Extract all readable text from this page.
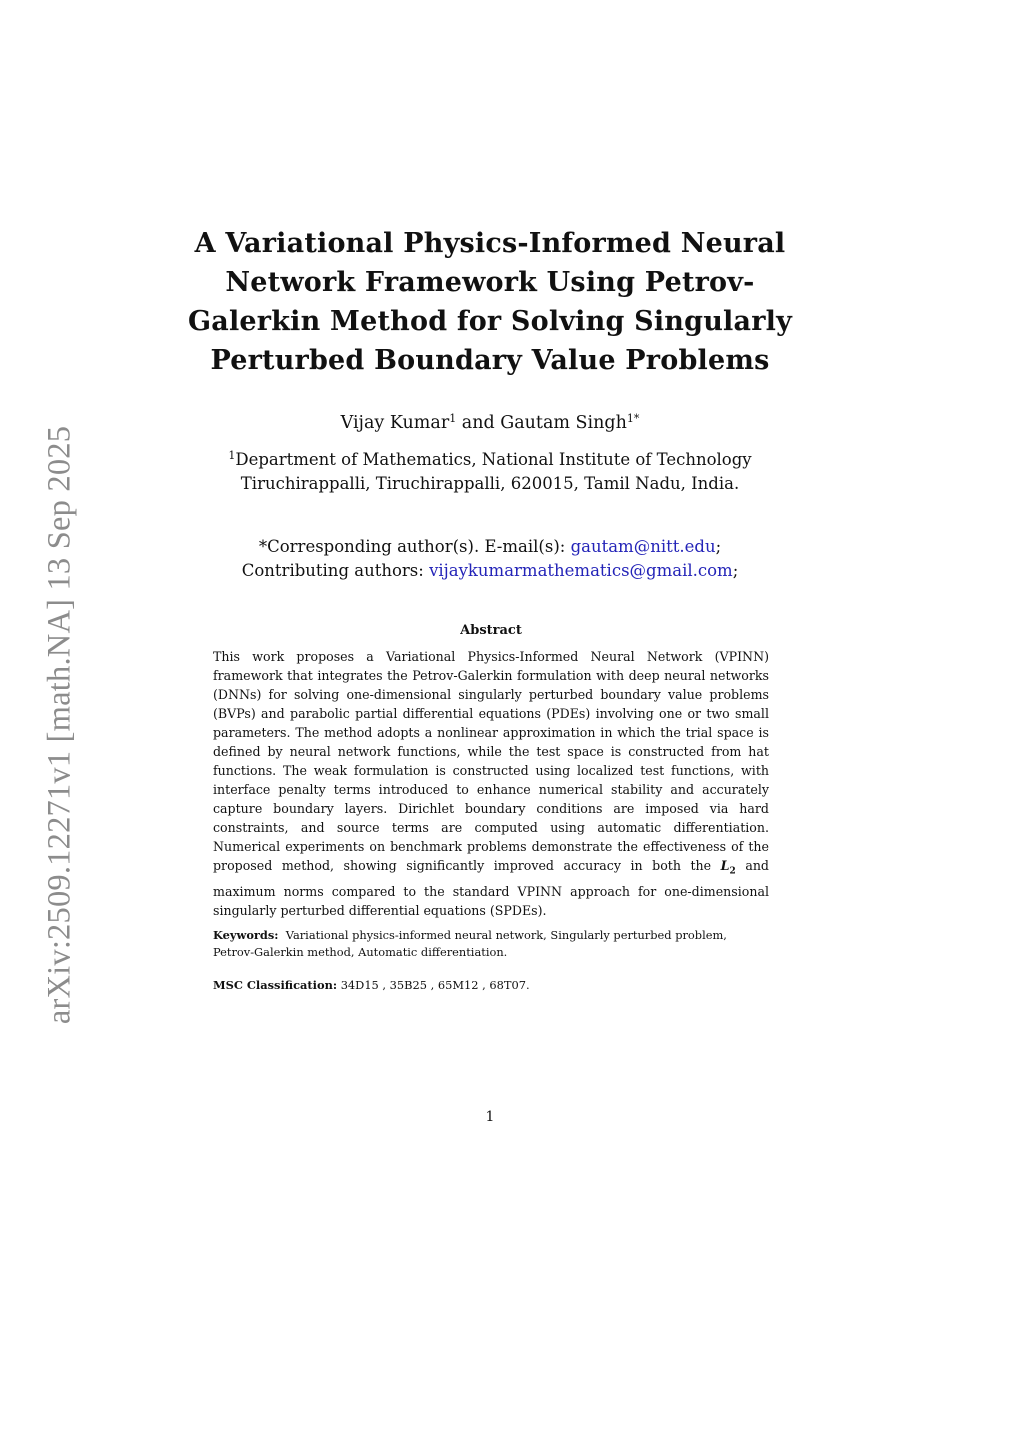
arXiv:2509.12271v1 [math.NA] 13 Sep 2025
A Variational Physics-Informed Neural
Network Framework Using Petrov-
Galerkin Method for Solving Singularly
Perturbed Boundary Value Problems

Vijay Kumar$^1$ and Gautam Singh$^{1*}$

$^1$Department of Mathematics, National Institute of Technology
Tiruchirappalli, Tiruchirappalli, 620015, Tamil Nadu, India.
*Corresponding author(s). E-mail(s): gautam@nitt.edu;
Contributing authors: vijaykumarmathematics@gmail.com;
Abstract

This work proposes a Variational Physics-Informed Neural Network (VPINN) framework that integrates the Petrov-Galerkin formulation with deep neural networks (DNNs) for solving one-dimensional singularly perturbed boundary value problems (BVPs) and parabolic partial differential equations (PDEs) involving one or two small parameters. The method adopts a nonlinear approximation in which the trial space is defined by neural network functions, while the test space is constructed from hat functions. The weak formulation is constructed using localized test functions, with interface penalty terms introduced to enhance numerical stability and accurately capture boundary layers. Dirichlet boundary conditions are imposed via hard constraints, and source terms are computed using automatic differentiation. Numerical experiments on benchmark problems demonstrate the effectiveness of the proposed method, showing significantly improved accuracy in both the $L_2$ and maximum norms compared to the standard VPINN approach for one-dimensional singularly perturbed differential equations (SPDEs).

Keywords: Variational physics-informed neural network, Singularly perturbed problem, Petrov-Galerkin method, Automatic differentiation.

MSC Classification: 34D15 , 35B25 , 65M12 , 68T07.

1
